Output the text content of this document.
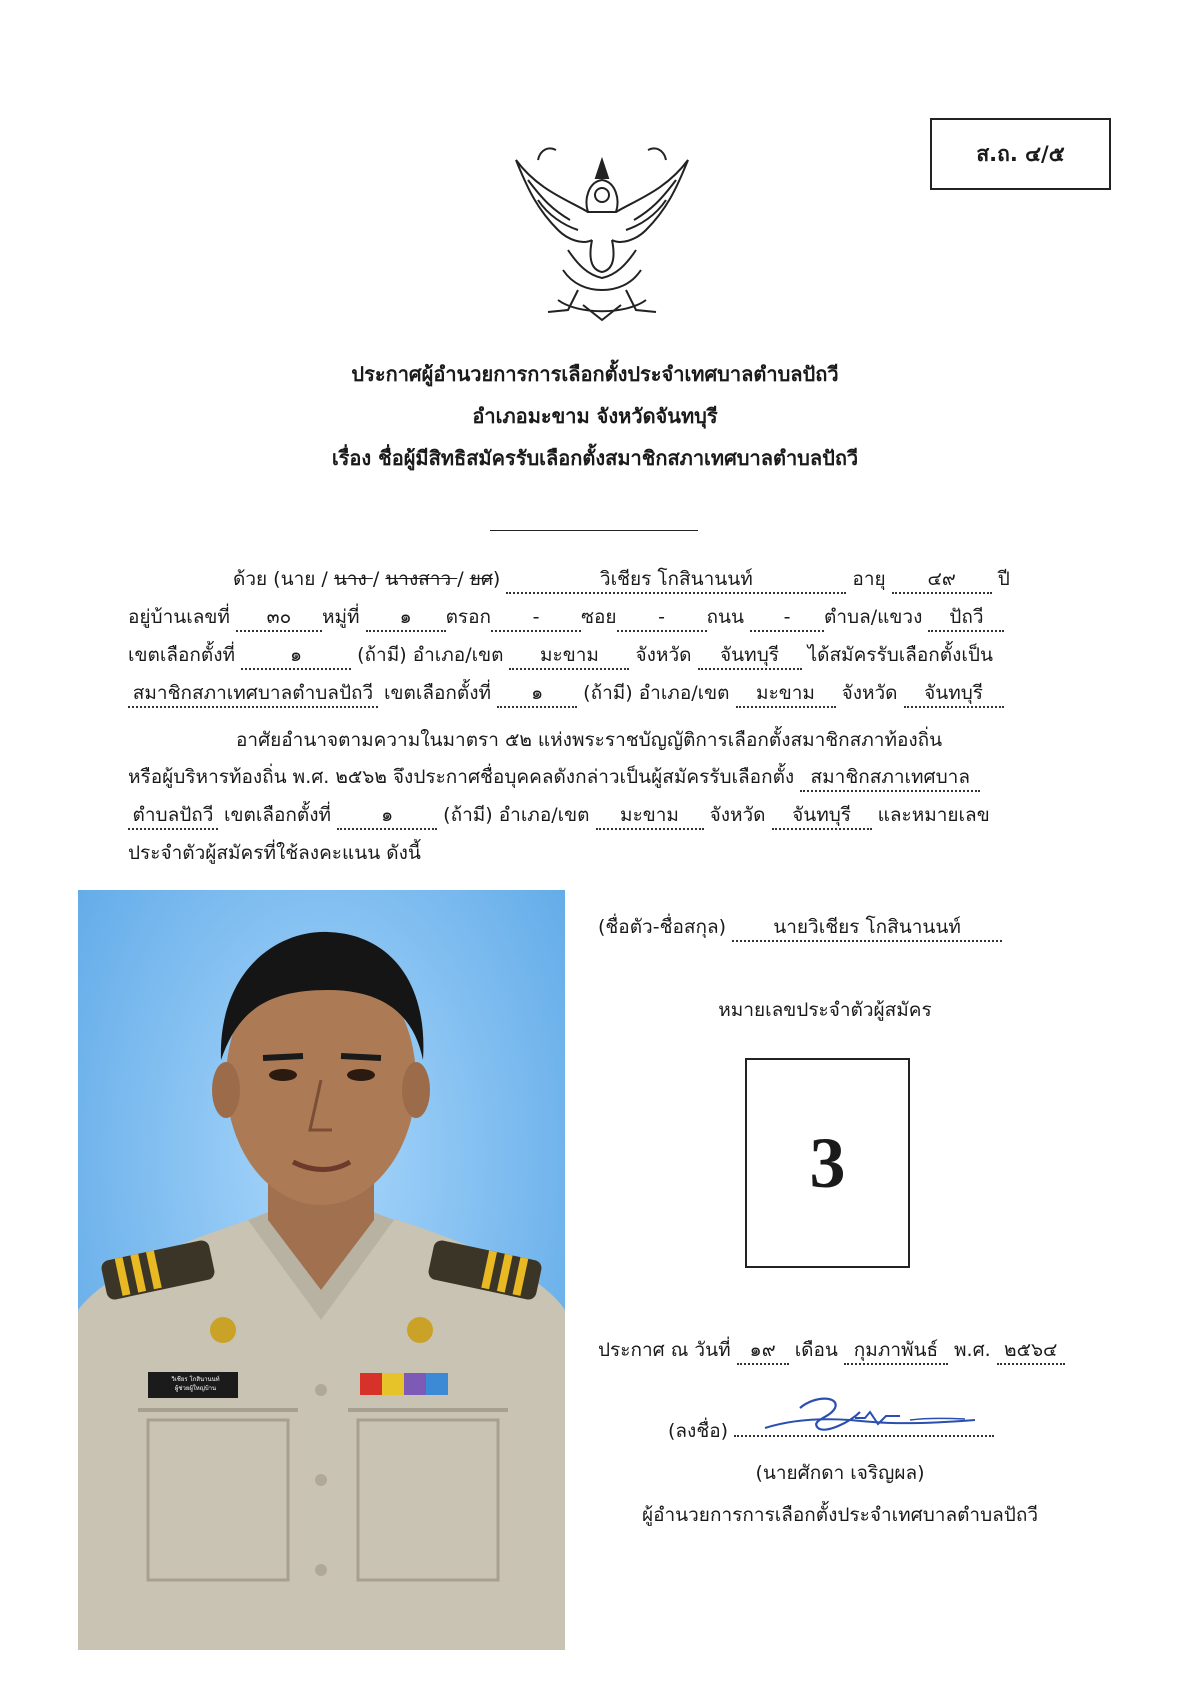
ส.ถ. ๔/๕
ประกาศผู้อำนวยการการเลือกตั้งประจำเทศบาลตำบลปัถวี
อำเภอมะขาม จังหวัดจันทบุรี
เรื่อง ชื่อผู้มีสิทธิสมัครรับเลือกตั้งสมาชิกสภาเทศบาลตำบลปัถวี
ด้วย (นาย / นาง / นางสาว / ยศ)	วิเชียร โกสินานนท์	อายุ ๔๙ ปี
อยู่บ้านเลขที่ ๓๐ หมู่ที่ ๑ ตรอก - ซอย - ถนน - ตำบล/แขวง ปัถวี
เขตเลือกตั้งที่	๑	(ถ้ามี) อำเภอ/เขต มะขาม จังหวัด จันทบุรี ได้สมัครรับเลือกตั้งเป็น
สมาชิกสภาเทศบาลตำบลปัถวี เขตเลือกตั้งที่ ๑ (ถ้ามี) อำเภอ/เขต มะขาม จังหวัด จันทบุรี
อาศัยอำนาจตามความในมาตรา ๕๒ แห่งพระราชบัญญัติการเลือกตั้งสมาชิกสภาท้องถิ่น
หรือผู้บริหารท้องถิ่น พ.ศ. ๒๕๖๒ จึงประกาศชื่อบุคคลดังกล่าวเป็นผู้สมัครรับเลือกตั้ง สมาชิกสภาเทศบาล
ตำบลปัถวี เขตเลือกตั้งที่	๑	(ถ้ามี) อำเภอ/เขต มะขาม จังหวัด จันทบุรี และหมายเลข
ประจำตัวผู้สมัครที่ใช้ลงคะแนน ดังนี้
วิเชียร โกสินานนท์
ผู้ช่วยผู้ใหญ่บ้าน
(ชื่อตัว-ชื่อสกุล) นายวิเชียร โกสินานนท์
หมายเลขประจำตัวผู้สมัคร
3
ประกาศ ณ วันที่ ๑๙ เดือน กุมภาพันธ์ พ.ศ. ๒๕๖๔
(ลงชื่อ)
(นายศักดา เจริญผล)
ผู้อำนวยการการเลือกตั้งประจำเทศบาลตำบลปัถวี
